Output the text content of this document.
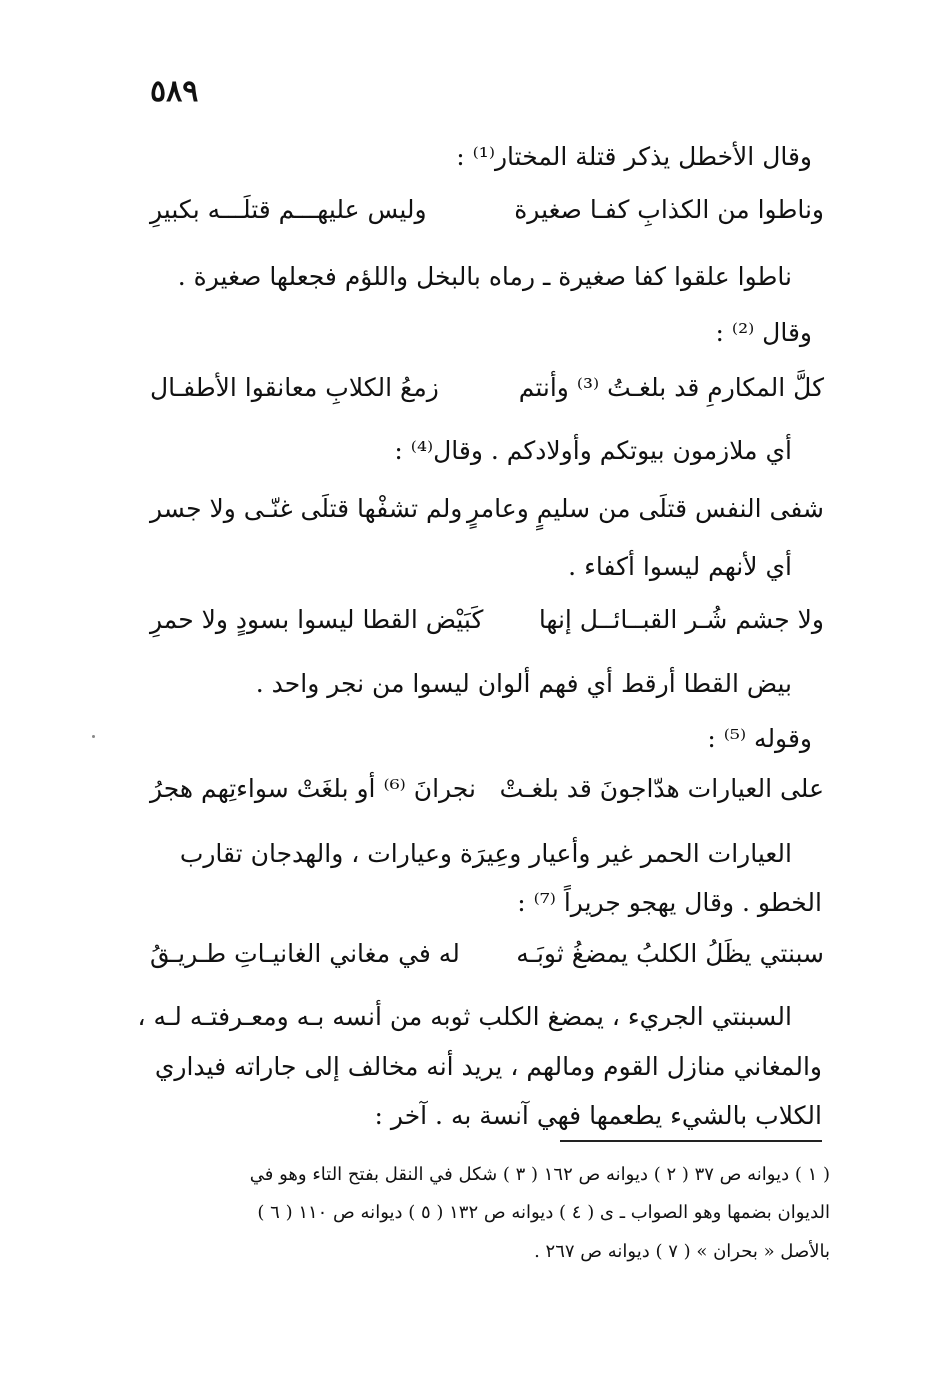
٥٨٩
وقال الأخطل يذكر قتلة المختار⁽¹⁾ :
وناطوا من الكذابِ كفـا صغيرة
وليس عليهـــم قتلَـــه بكبيرِ
ناطوا علقوا كفا صغيرة ـ رماه بالبخل واللؤم فجعلها صغيرة .
وقال ⁽²⁾ :
كلَّ المكارمِ قد بلغـتُ ⁽³⁾ وأنتم
زمعُ الكلابِ معانقوا الأطفـال
أي ملازمون بيوتكم وأولادكم . وقال⁽⁴⁾ :
شفى النفس قتلَى من سليمٍ وعامرٍ
ولم تشفْها قتلَى غنّـى ولا جسر
أي لأنهم ليسوا أكفاء .
ولا جشم شُـر القبــائــل إنها
كَبَيْض القطا ليسوا بسودٍ ولا حمرِ
بيض القطا أرقط أي فهم ألوان ليسوا من نجر واحد .
وقوله ⁽⁵⁾ :
على العيارات هدّاجونَ قد بلغـتْ
نجرانَ ⁽⁶⁾ أو بلغَتْ سواءتِهم هجرُ
العيارات الحمر غير وأعيار وعِيرَة وعيارات ، والهدجان تقارب
الخطو . وقال يهجو جريراً ⁽⁷⁾ :
سبنتي يظَلُ الكلبُ يمضغُ ثوبَـه
له في مغاني الغانيـاتِ طـريـقُ
السبنتي الجريء ، يمضغ الكلب ثوبه من أنسه بـه ومعـرفتـه لـه ،
والمغاني منازل القوم ومالهم ، يريد أنه مخالف إلى جاراته فيداري
الكلاب بالشيء يطعمها فهي آنسة به . آخر :
( ١ ) ديوانه ص ٣٧ ( ٢ ) ديوانه ص ١٦٢ ( ٣ ) شكل في النقل بفتح التاء وهو في
الديوان بضمها وهو الصواب ـ ى ( ٤ ) ديوانه ص ١٣٢ ( ٥ ) ديوانه ص ١١٠ ( ٦ )
بالأصل « بحران » ( ٧ ) ديوانه ص ٢٦٧ .
